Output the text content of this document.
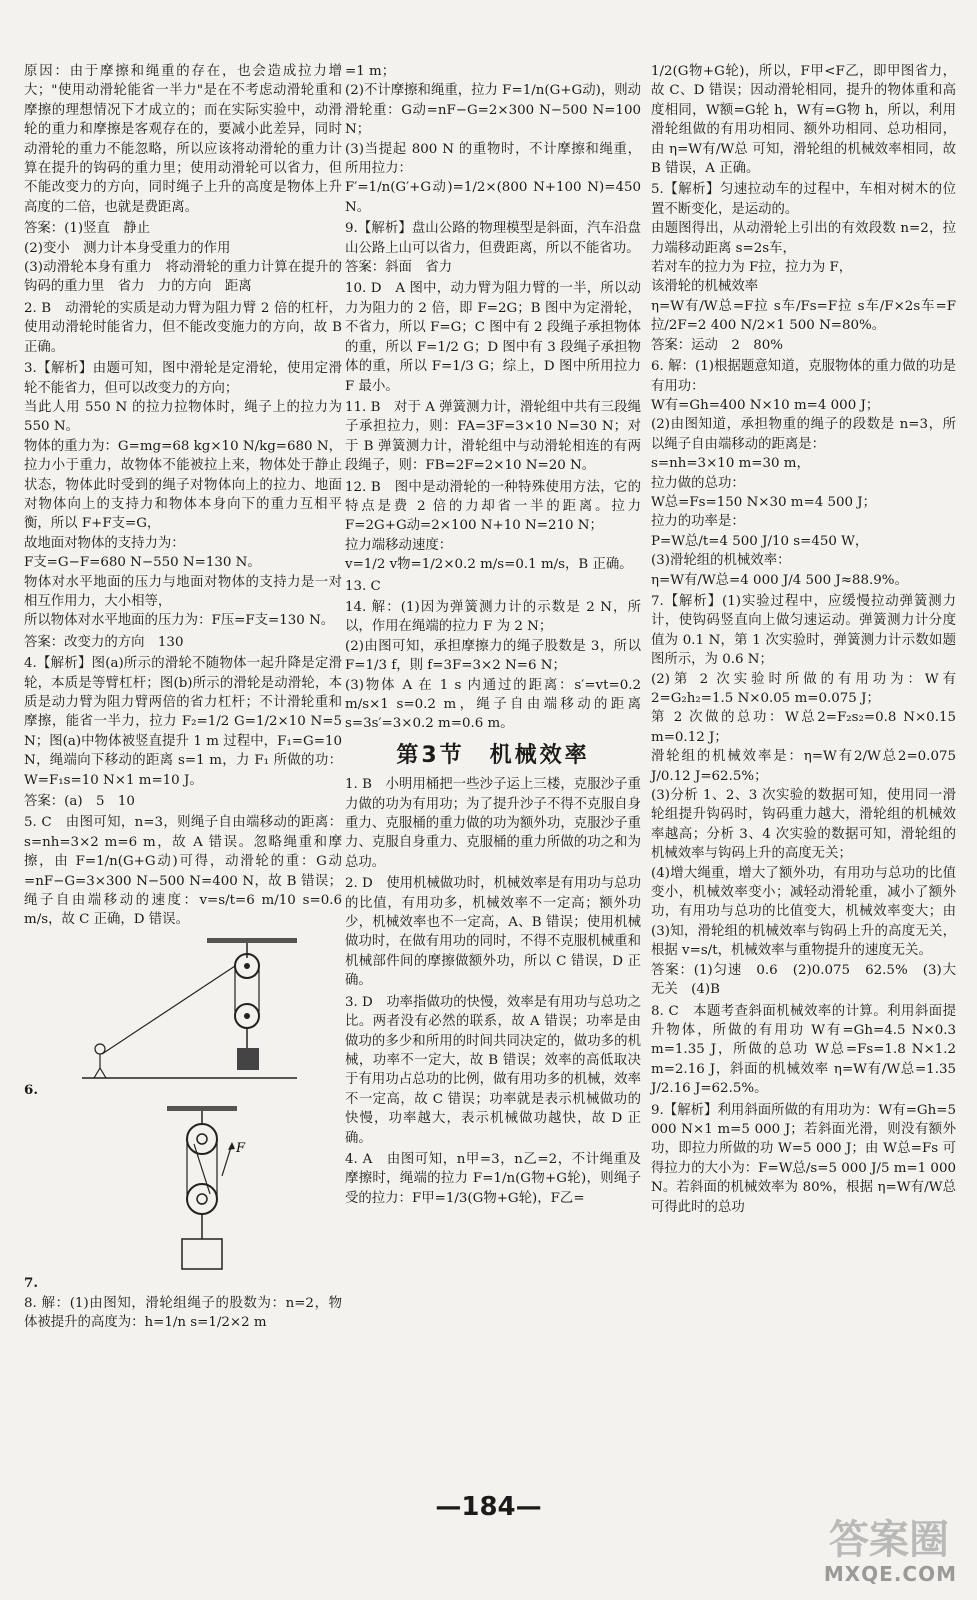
原因：由于摩擦和绳重的存在，也会造成拉力增大；"使用动滑轮能省一半力"是在不考虑动滑轮重和摩擦的理想情况下才成立的；而在实际实验中，动滑轮的重力和摩擦是客观存在的，要减小此差异，同时动滑轮的重力不能忽略，所以应该将动滑轮的重力计算在提升的钩码的重力里；使用动滑轮可以省力，但不能改变力的方向，同时绳子上升的高度是物体上升高度的二倍，也就是费距离。

答案：(1)竖直　静止
(2)变小　测力计本身受重力的作用
(3)动滑轮本身有重力　将动滑轮的重力计算在提升的钩码的重力里　省力　力的方向　距离

2. B　动滑轮的实质是动力臂为阻力臂 2 倍的杠杆，使用动滑轮时能省力，但不能改变施力的方向，故 B 正确。

3.【解析】由题可知，图中滑轮是定滑轮，使用定滑轮不能省力，但可以改变力的方向；
当此人用 550 N 的拉力拉物体时，绳子上的拉力为 550 N。
物体的重力为：G=mg=68 kg×10 N/kg=680 N，拉力小于重力，故物体不能被拉上来，物体处于静止状态，物体此时受到的绳子对物体向上的拉力、地面对物体向上的支持力和物体本身向下的重力互相平衡，所以 F+F支=G，
故地面对物体的支持力为：
F支=G−F=680 N−550 N=130 N。
物体对水平地面的压力与地面对物体的支持力是一对相互作用力，大小相等，
所以物体对水平地面的压力为：F压=F支=130 N。

答案：改变力的方向　130

4.【解析】图(a)所示的滑轮不随物体一起升降是定滑轮，本质是等臂杠杆；图(b)所示的滑轮是动滑轮，本质是动力臂为阻力臂两倍的省力杠杆；不计滑轮重和摩擦，能省一半力，拉力 F₂=1/2 G=1/2×10 N=5 N；图(a)中物体被竖直提升 1 m 过程中，F₁=G=10 N，绳端向下移动的距离 s=1 m，力 F₁ 所做的功：W=F₁s=10 N×1 m=10 J。

答案：(a)　5　10

5. C　由图可知，n=3，则绳子自由端移动的距离：s=nh=3×2 m=6 m，故 A 错误。忽略绳重和摩擦，由 F=1/n(G+G动)可得，动滑轮的重：G动=nF−G=3×300 N−500 N=400 N，故 B 错误；绳子自由端移动的速度：v=s/t=6 m/10 s=0.6 m/s，故 C 正确，D 错误。

6.
7.
F

8. 解：(1)由图知，滑轮组绳子的股数为：n=2，物体被提升的高度为：h=1/n s=1/2×2 m

=1 m；
(2)不计摩擦和绳重，拉力 F=1/n(G+G动)，则动滑轮重：G动=nF−G=2×300 N−500 N=100 N；
(3)当提起 800 N 的重物时，不计摩擦和绳重，所用拉力：
F′=1/n(G′+G动)=1/2×(800 N+100 N)=450 N。

9.【解析】盘山公路的物理模型是斜面，汽车沿盘山公路上山可以省力，但费距离，所以不能省功。
答案：斜面　省力

10. D　A 图中，动力臂为阻力臂的一半，所以动力为阻力的 2 倍，即 F=2G；B 图中为定滑轮，不省力，所以 F=G；C 图中有 2 段绳子承担物体的重，所以 F=1/2 G；D 图中有 3 段绳子承担物体的重，所以 F=1/3 G；综上，D 图中所用拉力 F 最小。

11. B　对于 A 弹簧测力计，滑轮组中共有三段绳子承担拉力，则：FA=3F=3×10 N=30 N；对于 B 弹簧测力计，滑轮组中与动滑轮相连的有两段绳子，则：FB=2F=2×10 N=20 N。

12. B　图中是动滑轮的一种特殊使用方法，它的特点是费 2 倍的力却省一半的距离。拉力 F=2G+G动=2×100 N+10 N=210 N；
拉力端移动速度：
v=1/2 v物=1/2×0.2 m/s=0.1 m/s，B 正确。

13. C

14. 解：(1)因为弹簧测力计的示数是 2 N，所以，作用在绳端的拉力 F 为 2 N；
(2)由图可知，承担摩擦力的绳子股数是 3，所以 F=1/3 f，則 f=3F=3×2 N=6 N；
(3)物体 A 在 1 s 内通过的距离：s′=vt=0.2 m/s×1 s=0.2 m，绳子自由端移动的距离 s=3s′=3×0.2 m=0.6 m。

第3节　机械效率

1. B　小明用桶把一些沙子运上三楼，克服沙子重力做的功为有用功；为了提升沙子不得不克服自身重力、克服桶的重力做的功为额外功，克服沙子重力、克服自身重力、克服桶的重力所做的功之和为总功。

2. D　使用机械做功时，机械效率是有用功与总功的比值，有用功多，机械效率不一定高；额外功少，机械效率也不一定高，A、B 错误；使用机械做功时，在做有用功的同时，不得不克服机械重和机械部件间的摩擦做额外功，所以 C 错误，D 正确。

3. D　功率指做功的快慢，效率是有用功与总功之比。两者没有必然的联系，故 A 错误；功率是由做功的多少和所用的时间共同决定的，做功多的机械，功率不一定大，故 B 错误；效率的高低取决于有用功占总功的比例，做有用功多的机械，效率不一定高，故 C 错误；功率就是表示机械做功的快慢，功率越大，表示机械做功越快，故 D 正确。

4. A　由图可知，n甲=3，n乙=2，不计绳重及摩擦时，绳端的拉力 F=1/n(G物+G轮)，则绳子受的拉力：F甲=1/3(G物+G轮)，F乙=

1/2(G物+G轮)，所以，F甲<F乙，即甲图省力，故 C、D 错误；因动滑轮相同，提升的物体重和高度相同，W额=G轮 h，W有=G物 h，所以，利用滑轮组做的有用功相同、额外功相同、总功相同，由 η=W有/W总 可知，滑轮组的机械效率相同，故 B 错误，A 正确。

5.【解析】匀速拉动车的过程中，车相对树木的位置不断变化，是运动的。
由题图得出，从动滑轮上引出的有效段数 n=2，拉力端移动距离 s=2s车，
若对车的拉力为 F拉，拉力为 F，
该滑轮的机械效率
η=W有/W总=F拉 s车/Fs=F拉 s车/F×2s车=F拉/2F=2 400 N/2×1 500 N=80%。
答案：运动　2　80%

6. 解：(1)根据题意知道，克服物体的重力做的功是有用功：
W有=Gh=400 N×10 m=4 000 J；
(2)由图知道，承担物重的绳子的段数是 n=3，所以绳子自由端移动的距离是：
s=nh=3×10 m=30 m，
拉力做的总功：
W总=Fs=150 N×30 m=4 500 J；
拉力的功率是：
P=W总/t=4 500 J/10 s=450 W，
(3)滑轮组的机械效率：
η=W有/W总=4 000 J/4 500 J≈88.9%。

7.【解析】(1)实验过程中，应缓慢拉动弹簧测力计，使钩码竖直向上做匀速运动。弹簧测力计分度值为 0.1 N，第 1 次实验时，弹簧测力计示数如题图所示，为 0.6 N；
(2)第 2 次实验时所做的有用功为：W有2=G₂h₂=1.5 N×0.05 m=0.075 J；
第 2 次做的总功：W总2=F₂s₂=0.8 N×0.15 m=0.12 J；
滑轮组的机械效率是：η=W有2/W总2=0.075 J/0.12 J=62.5%；
(3)分析 1、2、3 次实验的数据可知，使用同一滑轮组提升钩码时，钩码重力越大，滑轮组的机械效率越高；分析 3、4 次实验的数据可知，滑轮组的机械效率与钩码上升的高度无关；
(4)增大绳重，增大了额外功，有用功与总功的比值变小，机械效率变小；减轻动滑轮重，减小了额外功，有用功与总功的比值变大，机械效率变大；由(3)知，滑轮组的机械效率与钩码上升的高度无关，根据 v=s/t，机械效率与重物提升的速度无关。
答案：(1)匀速　0.6　(2)0.075　62.5%　(3)大　无关　(4)B

8. C　本题考查斜面机械效率的计算。利用斜面提升物体，所做的有用功 W有=Gh=4.5 N×0.3 m=1.35 J，所做的总功 W总=Fs=1.8 N×1.2 m=2.16 J，斜面的机械效率 η=W有/W总=1.35 J/2.16 J=62.5%。

9.【解析】利用斜面所做的有用功为：W有=Gh=5 000 N×1 m=5 000 J；若斜面光滑，则没有额外功，即拉力所做的功 W=5 000 J；由 W总=Fs 可得拉力的大小为：F=W总/s=5 000 J/5 m=1 000 N。若斜面的机械效率为 80%，根据 η=W有/W总 可得此时的总功

—184—
答案圈
MXQE.COM
